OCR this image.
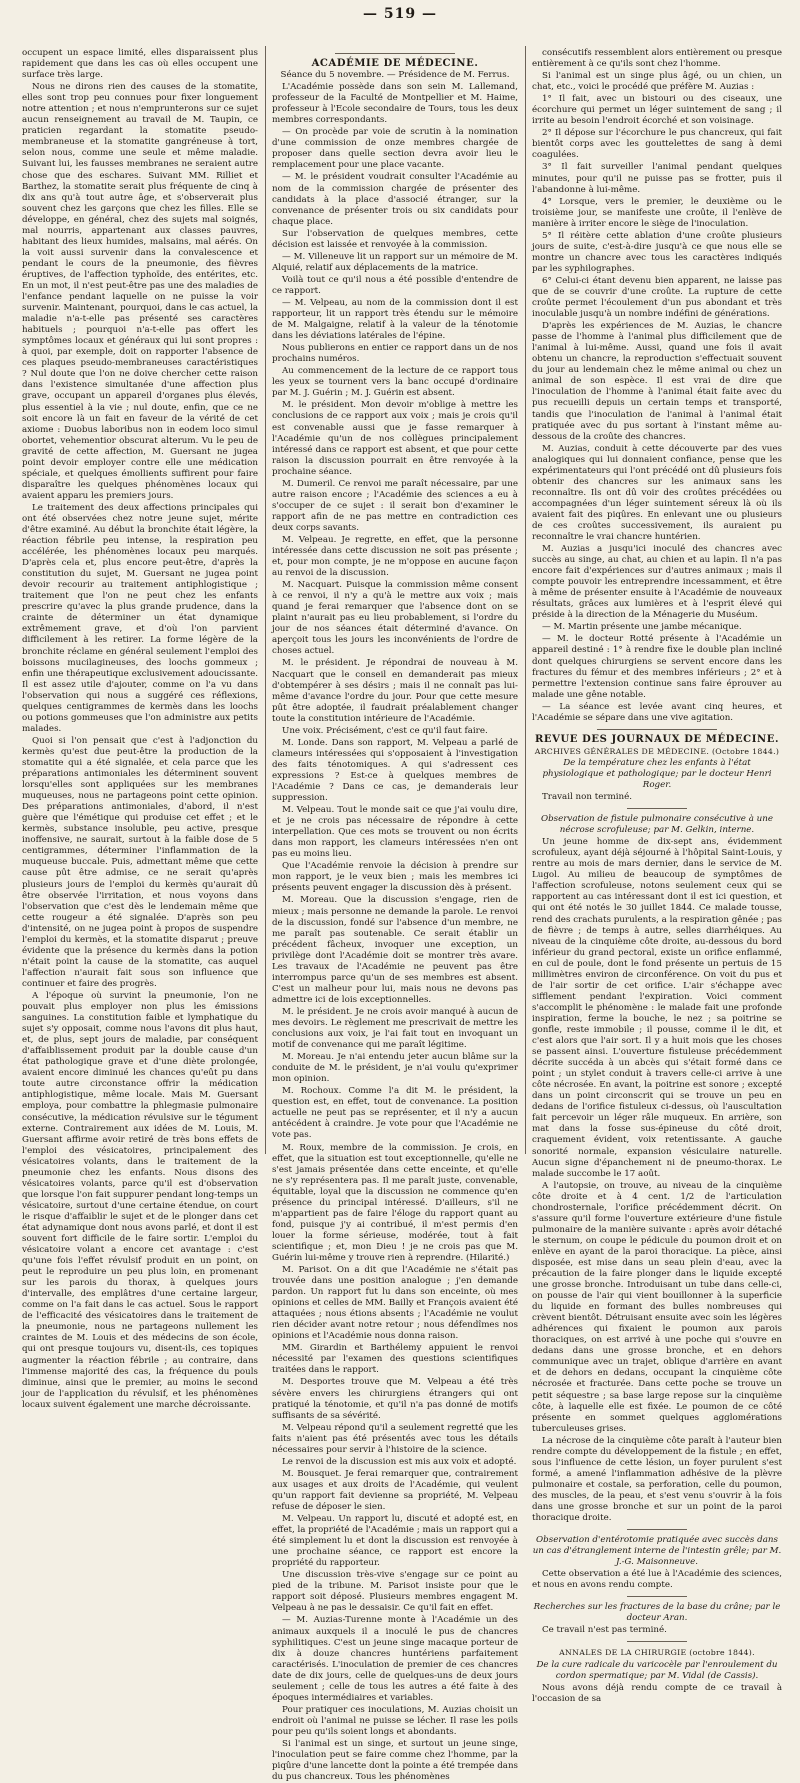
— 519 —

occupent un espace limité, elles disparaissent plus rapidement que dans les cas où elles occupent une surface très large.

Nous ne dirons rien des causes de la stomatite, elles sont trop peu connues pour fixer longuement notre attention ; et nous n'emprunterons sur ce sujet aucun renseignement au travail de M. Taupin, ce praticien regardant la stomatite pseudo-membraneuse et la stomatite gangréneuse à tort, selon nous, comme une seule et même maladie. Suivant lui, les fausses membranes ne seraient autre chose que des eschares. Suivant MM. Rilliet et Barthez, la stomatite serait plus fréquente de cinq à dix ans qu'à tout autre âge, et s'observerait plus souvent chez les garçons que chez les filles. Elle se développe, en général, chez des sujets mal soignés, mal nourris, appartenant aux classes pauvres, habitant des lieux humides, malsains, mal aérés. On la voit aussi survenir dans la convalescence et pendant le cours de la pneumonie, des fièvres éruptives, de l'affection typhoïde, des entérites, etc. En un mot, il n'est peut-être pas une des maladies de l'enfance pendant laquelle on ne puisse la voir survenir. Maintenant, pourquoi, dans le cas actuel, la maladie n'a-t-elle pas présenté ses caractères habituels ; pourquoi n'a-t-elle pas offert les symptômes locaux et généraux qui lui sont propres : à quoi, par exemple, doit on rapporter l'absence de ces plaques pseudo-membraneuses caractéristiques ? Nul doute que l'on ne doive chercher cette raison dans l'existence simultanée d'une affection plus grave, occupant un appareil d'organes plus élevés, plus essentiel à la vie ; nul doute, enfin, que ce ne soit encore là un fait en faveur de la vérité de cet axiome : Duobus laboribus non in eodem loco simul obortet, vehementior obscurat alterum. Vu le peu de gravité de cette affection, M. Guersant ne jugea point devoir employer contre elle une médication spéciale, et quelques émollients suffirent pour faire disparaître les quelques phénomènes locaux qui avaient apparu les premiers jours.

Le traitement des deux affections principales qui ont été observées chez notre jeune sujet, mérite d'être examiné. Au début la bronchite était légère, la réaction fébrile peu intense, la respiration peu accélérée, les phénomènes locaux peu marqués. D'après cela et, plus encore peut-être, d'après la constitution du sujet, M. Guersant ne jugea point devoir recourir au traitement antiphlogistique ; traitement que l'on ne peut chez les enfants prescrire qu'avec la plus grande prudence, dans la crainte de déterminer un état dynamique extrêmement grave, et d'où l'on parvient difficilement à les retirer. La forme légère de la bronchite réclame en général seulement l'emploi des boissons mucilagineuses, des loochs gommeux ; enfin une thérapeutique exclusivement adoucissante. Il est assez utile d'ajouter, comme on l'a vu dans l'observation qui nous a suggéré ces réflexions, quelques centigrammes de kermès dans les loochs ou potions gommeuses que l'on administre aux petits malades.

Quoi si l'on pensait que c'est à l'adjonction du kermès qu'est due peut-être la production de la stomatite qui a été signalée, et cela parce que les préparations antimoniales les déterminent souvent lorsqu'elles sont appliquées sur les membranes muqueuses, nous ne partageons point cette opinion. Des préparations antimoniales, d'abord, il n'est guère que l'émétique qui produise cet effet ; et le kermès, substance insoluble, peu active, presque inoffensive, ne saurait, surtout à la faible dose de 5 centigrammes, déterminer l'inflammation de la muqueuse buccale. Puis, admettant même que cette cause pût être admise, ce ne serait qu'après plusieurs jours de l'emploi du kermès qu'aurait dû être observée l'irritation, et nous voyons dans l'observation que c'est dès le lendemain même que cette rougeur a été signalée. D'après son peu d'intensité, on ne jugea point à propos de suspendre l'emploi du kermès, et la stomatite disparut ; preuve évidente que la présence du kermès dans la potion n'était point la cause de la stomatite, cas auquel l'affection n'aurait fait sous son influence que continuer et faire des progrès.

A l'époque où survint la pneumonie, l'on ne pouvait plus employer non plus les émissions sanguines. La constitution faible et lymphatique du sujet s'y opposait, comme nous l'avons dit plus haut, et, de plus, sept jours de maladie, par conséquent d'affaiblissement produit par la double cause d'un état pathologique grave et d'une diète prolongée, avaient encore diminué les chances qu'eût pu dans toute autre circonstance offrir la médication antiphlogistique, même locale. Mais M. Guersant employa, pour combattre la phlegmasie pulmonaire consécutive, la médication révulsive sur le tégument externe. Contrairement aux idées de M. Louis, M. Guersant affirme avoir retiré de très bons effets de l'emploi des vésicatoires, principalement des vésicatoires volants, dans le traitement de la pneumonie chez les enfants. Nous disons des vésicatoires volants, parce qu'il est d'observation que lorsque l'on fait suppurer pendant long-temps un vésicatoire, surtout d'une certaine étendue, on court le risque d'affaiblir le sujet et de le plonger dans cet état adynamique dont nous avons parlé, et dont il est souvent fort difficile de le faire sortir. L'emploi du vésicatoire volant a encore cet avantage : c'est qu'une fois l'effet révulsif produit en un point, on peut le reproduire un peu plus loin, en promenant sur les parois du thorax, à quelques jours d'intervalle, des emplâtres d'une certaine largeur, comme on l'a fait dans le cas actuel. Sous le rapport de l'efficacité des vésicatoires dans le traitement de la pneumonie, nous ne partageons nullement les craintes de M. Louis et des médecins de son école, qui ont presque toujours vu, disent-ils, ces topiques augmenter la réaction fébrile ; au contraire, dans l'immense majorité des cas, la fréquence du pouls diminue, ainsi que le premier, au moins le second jour de l'application du révulsif, et les phénomènes locaux suivent également une marche décroissante.

ACADÉMIE DE MÉDECINE.

Séance du 5 novembre. — Présidence de M. Ferrus.

L'Académie possède dans son sein M. Lallemand, professeur de la Faculté de Montpellier et M. Haime, professeur à l'Ecole secondaire de Tours, tous les deux membres correspondants.

— On procède par voie de scrutin à la nomination d'une commission de onze membres chargée de proposer dans quelle section devra avoir lieu le remplacement pour une place vacante.

— M. le président voudrait consulter l'Académie au nom de la commission chargée de présenter des candidats à la place d'associé étranger, sur la convenance de présenter trois ou six candidats pour chaque place.

Sur l'observation de quelques membres, cette décision est laissée et renvoyée à la commission.

— M. Villeneuve lit un rapport sur un mémoire de M. Alquié, relatif aux déplacements de la matrice.

Voilà tout ce qu'il nous a été possible d'entendre de ce rapport.

— M. Velpeau, au nom de la commission dont il est rapporteur, lit un rapport très étendu sur le mémoire de M. Malgaigne, relatif à la valeur de la ténotomie dans les déviations latérales de l'épine.

Nous publierons en entier ce rapport dans un de nos prochains numéros.

Au commencement de la lecture de ce rapport tous les yeux se tournent vers la banc occupé d'ordinaire par M. J. Guérin ; M. J. Guérin est absent.

M. le président. Mon devoir m'oblige à mettre les conclusions de ce rapport aux voix ; mais je crois qu'il est convenable aussi que je fasse remarquer à l'Académie qu'un de nos collègues principalement intéressé dans ce rapport est absent, et que pour cette raison la discussion pourrait en être renvoyée à la prochaine séance.

M. Dumeril. Ce renvoi me paraît nécessaire, par une autre raison encore ; l'Académie des sciences a eu à s'occuper de ce sujet : il serait bon d'examiner le rapport afin de ne pas mettre en contradiction ces deux corps savants.

M. Velpeau. Je regrette, en effet, que la personne intéressée dans cette discussion ne soit pas présente ; et, pour mon compte, je ne m'oppose en aucune façon au renvoi de la discussion.

M. Nacquart. Puisque la commission même consent à ce renvoi, il n'y a qu'à le mettre aux voix ; mais quand je ferai remarquer que l'absence dont on se plaint n'aurait pas eu lieu probablement, si l'ordre du jour de nos séances était déterminé d'avance. On aperçoit tous les jours les inconvénients de l'ordre de choses actuel.

M. le président. Je répondrai de nouveau à M. Nacquart que le conseil en demanderait pas mieux d'obtempérer à ses désirs ; mais il ne connaît pas lui-même d'avance l'ordre du jour. Pour que cette mesure pût être adoptée, il faudrait préalablement changer toute la constitution intérieure de l'Académie.

Une voix. Précisément, c'est ce qu'il faut faire.

M. Londe. Dans son rapport, M. Velpeau a parlé de clameurs intéressées qui s'opposaient à l'investigation des faits ténotomiques. A qui s'adressent ces expressions ? Est-ce à quelques membres de l'Académie ? Dans ce cas, je demanderais leur suppression.

M. Velpeau. Tout le monde sait ce que j'ai voulu dire, et je ne crois pas nécessaire de répondre à cette interpellation. Que ces mots se trouvent ou non écrits dans mon rapport, les clameurs intéressées n'en ont pas eu moins lieu.

Que l'Académie renvoie la décision à prendre sur mon rapport, je le veux bien ; mais les membres ici présents peuvent engager la discussion dès à présent.

M. Moreau. Que la discussion s'engage, rien de mieux ; mais personne ne demande la parole. Le renvoi de la discussion, fondé sur l'absence d'un membre, ne me paraît pas soutenable. Ce serait établir un précédent fâcheux, invoquer une exception, un privilège dont l'Académie doit se montrer très avare. Les travaux de l'Académie ne peuvent pas être interrompus parce qu'un de ses membres est absent. C'est un malheur pour lui, mais nous ne devons pas admettre ici de lois exceptionnelles.

M. le président. Je ne crois avoir manqué à aucun de mes devoirs. Le règlement me prescrivait de mettre les conclusions aux voix, je l'ai fait tout en invoquant un motif de convenance qui me paraît légitime.

M. Moreau. Je n'ai entendu jeter aucun blâme sur la conduite de M. le président, je n'ai voulu qu'exprimer mon opinion.

M. Rochoux. Comme l'a dit M. le président, la question est, en effet, tout de convenance. La position actuelle ne peut pas se représenter, et il n'y a aucun antécédent à craindre. Je vote pour que l'Académie ne vote pas.

M. Roux, membre de la commission. Je crois, en effet, que la situation est tout exceptionnelle, qu'elle ne s'est jamais présentée dans cette enceinte, et qu'elle ne s'y représentera pas. Il me paraît juste, convenable, équitable, loyal que la discussion ne commence qu'en présence du principal intéressé. D'ailleurs, s'il ne m'appartient pas de faire l'éloge du rapport quant au fond, puisque j'y ai contribué, il m'est permis d'en louer la forme sérieuse, modérée, tout à fait scientifique ; et, mon Dieu ! je ne crois pas que M. Guérin lui-même y trouve rien à reprendre. (Hilarité.)

M. Parisot. On a dit que l'Académie ne s'était pas trouvée dans une position analogue ; j'en demande pardon. Un rapport fut lu dans son enceinte, où mes opinions et celles de MM. Bailly et François avaient été attaquées ; nous étions absents ; l'Académie ne voulut rien décider avant notre retour ; nous défendîmes nos opinions et l'Académie nous donna raison.

MM. Girardin et Barthélemy appuient le renvoi nécessité par l'examen des questions scientifiques traitées dans le rapport.

M. Desportes trouve que M. Velpeau a été très sévère envers les chirurgiens étrangers qui ont pratiqué la ténotomie, et qu'il n'a pas donné de motifs suffisants de sa sévérité.

M. Velpeau répond qu'il a seulement regretté que les faits n'aient pas été présentés avec tous les détails nécessaires pour servir à l'histoire de la science.

Le renvoi de la discussion est mis aux voix et adopté.

M. Bousquet. Je ferai remarquer que, contrairement aux usages et aux droits de l'Académie, qui veulent qu'un rapport fait devienne sa propriété, M. Velpeau refuse de déposer le sien.

M. Velpeau. Un rapport lu, discuté et adopté est, en effet, la propriété de l'Académie ; mais un rapport qui a été simplement lu et dont la discussion est renvoyée à une prochaine séance, ce rapport est encore la propriété du rapporteur.

Une discussion très-vive s'engage sur ce point au pied de la tribune. M. Parisot insiste pour que le rapport soit déposé. Plusieurs membres engagent M. Velpeau à ne pas le dessaisir. Ce qu'il fait en effet.

— M. Auzias-Turenne monte à l'Académie un des animaux auxquels il a inoculé le pus de chancres syphilitiques. C'est un jeune singe macaque porteur de dix à douze chancres huntériens parfaitement caractérisés. L'inoculation de premier de ces chancres date de dix jours, celle de quelques-uns de deux jours seulement ; celle de tous les autres a été faite à des époques intermédiaires et variables.

Pour pratiquer ces inoculations, M. Auzias choisit un endroit où l'animal ne puisse se lécher. Il rase les poils pour peu qu'ils soient longs et abondants.

Si l'animal est un singe, et surtout un jeune singe, l'inoculation peut se faire comme chez l'homme, par la piqûre d'une lancette dont la pointe a été trempée dans du pus chancreux. Tous les phénomènes

consécutifs ressemblent alors entièrement ou presque entièrement à ce qu'ils sont chez l'homme.

Si l'animal est un singe plus âgé, ou un chien, un chat, etc., voici le procédé que préfère M. Auzias :

1° Il fait, avec un bistouri ou des ciseaux, une écorchure qui permet un léger suintement de sang ; il irrite au besoin l'endroit écorché et son voisinage.

2° Il dépose sur l'écorchure le pus chancreux, qui fait bientôt corps avec les gouttelettes de sang à demi coagulées.

3° Il fait surveiller l'animal pendant quelques minutes, pour qu'il ne puisse pas se frotter, puis il l'abandonne à lui-même.

4° Lorsque, vers le premier, le deuxième ou le troisième jour, se manifeste une croûte, il l'enlève de manière à irriter encore le siège de l'inoculation.

5° Il réitère cette ablation d'une croûte plusieurs jours de suite, c'est-à-dire jusqu'à ce que nous elle se montre un chancre avec tous les caractères indiqués par les syphilographes.

6° Celui-ci étant devenu bien apparent, ne laisse pas que de se couvrir d'une croûte. La rupture de cette croûte permet l'écoulement d'un pus abondant et très inoculable jusqu'à un nombre indéfini de générations.

D'après les expériences de M. Auzias, le chancre passe de l'homme à l'animal plus difficilement que de l'animal à lui-même. Aussi, quand une fois il avait obtenu un chancre, la reproduction s'effectuait souvent du jour au lendemain chez le même animal ou chez un animal de son espèce. Il est vrai de dire que l'inoculation de l'homme à l'animal était faite avec du pus recueilli depuis un certain temps et transporté, tandis que l'inoculation de l'animal à l'animal était pratiquée avec du pus sortant à l'instant même au-dessous de la croûte des chancres.

M. Auzias, conduit à cette découverte par des vues analogiques qui lui donnaient confiance, pense que les expérimentateurs qui l'ont précédé ont dû plusieurs fois obtenir des chancres sur les animaux sans les reconnaître. Ils ont dû voir des croûtes précédées ou accompagnées d'un léger suintement séreux là où ils avaient fait des piqûres. En enlevant une ou plusieurs de ces croûtes successivement, ils auraient pu reconnaître le vrai chancre huntérien.

M. Auzias a jusqu'ici inoculé des chancres avec succès au singe, au chat, au chien et au lapin. Il n'a pas encore fait d'expériences sur d'autres animaux ; mais il compte pouvoir les entreprendre incessamment, et être à même de présenter ensuite à l'Académie de nouveaux résultats, grâces aux lumières et à l'esprit élevé qui préside à la direction de la Ménagerie du Muséum.

— M. Martin présente une jambe mécanique.

— M. le docteur Rotté présente à l'Académie un appareil destiné : 1° à rendre fixe le double plan incliné dont quelques chirurgiens se servent encore dans les fractures du fémur et des membres inférieurs ; 2° et à permettre l'extension continue sans faire éprouver au malade une gêne notable.

— La séance est levée avant cinq heures, et l'Académie se sépare dans une vive agitation.

REVUE DES JOURNAUX DE MÉDECINE.

ARCHIVES GÉNÉRALES DE MÉDECINE. (Octobre 1844.)

De la température chez les enfants à l'état physiologique et pathologique; par le docteur Henri Roger.

Travail non terminé.

Observation de fistule pulmonaire consécutive à une nécrose scrofuleuse; par M. Gelkin, interne.

Un jeune homme de dix-sept ans, évidemment scrofuleux, ayant déjà séjourné à l'hôpital Saint-Louis, y rentre au mois de mars dernier, dans le service de M. Lugol. Au milieu de beaucoup de symptômes de l'affection scrofuleuse, notons seulement ceux qui se rapportent au cas intéressant dont il est ici question, et qui ont été notés le 30 juillet 1844. Ce malade tousse, rend des crachats purulents, a la respiration gênée ; pas de fièvre ; de temps à autre, selles diarrhéiques. Au niveau de la cinquième côte droite, au-dessous du bord inférieur du grand pectoral, existe un orifice enflammé, en cul de poule, dont le fond présente un pertuis de 15 millimètres environ de circonférence. On voit du pus et de l'air sortir de cet orifice. L'air s'échappe avec sifflement pendant l'expiration. Voici comment s'accomplit le phénomène : le malade fait une profonde inspiration, ferme la bouche, le nez ; sa poitrine se gonfle, reste immobile ; il pousse, comme il le dit, et c'est alors que l'air sort. Il y a huit mois que les choses se passent ainsi. L'ouverture fistuleuse précédemment décrite succéda à un abcès qui s'était formé dans ce point ; un stylet conduit à travers celle-ci arrive à une côte nécrosée. En avant, la poitrine est sonore ; excepté dans un point circonscrit qui se trouve un peu en dedans de l'orifice fistuleux ci-dessus, où l'auscultation fait percevoir un léger râle muqueux. En arrière, son mat dans la fosse sus-épineuse du côté droit, craquement évident, voix retentissante. A gauche sonorité normale, expansion vésiculaire naturelle. Aucun signe d'épanchement ni de pneumo-thorax. Le malade succombe le 17 août.

A l'autopsie, on trouve, au niveau de la cinquième côte droite et à 4 cent. 1/2 de l'articulation chondrosternale, l'orifice précédemment décrit. On s'assure qu'il forme l'ouverture extérieure d'une fistule pulmonaire de la manière suivante : après avoir détaché le sternum, on coupe le pédicule du poumon droit et on enlève en ayant de la paroi thoracique. La pièce, ainsi disposée, est mise dans un seau plein d'eau, avec la précaution de la faire plonger dans le liquide excepté une grosse bronche. Introduisant un tube dans celle-ci, on pousse de l'air qui vient bouillonner à la superficie du liquide en formant des bulles nombreuses qui crèvent bientôt. Détruisant ensuite avec soin les légères adhérences qui fixaient le poumon aux parois thoraciques, on est arrivé à une poche qui s'ouvre en dedans dans une grosse bronche, et en dehors communique avec un trajet, oblique d'arrière en avant et de dehors en dedans, occupant la cinquième côte nécrosée et fracturée. Dans cette poche se trouve un petit séquestre ; sa base large repose sur la cinquième côte, à laquelle elle est fixée. Le poumon de ce côté présente en sommet quelques agglomérations tuberculeuses grises.

La nécrose de la cinquième côte paraît à l'auteur bien rendre compte du développement de la fistule ; en effet, sous l'influence de cette lésion, un foyer purulent s'est formé, a amené l'inflammation adhésive de la plèvre pulmonaire et costale, sa perforation, celle du poumon, des muscles, de la peau, et s'est venu s'ouvrir à la fois dans une grosse bronche et sur un point de la paroi thoracique droite.

Observation d'entérotomie pratiquée avec succès dans un cas d'étranglement interne de l'intestin grêle; par M. J.-G. Maisonneuve.

Cette observation a été lue à l'Académie des sciences, et nous en avons rendu compte.

Recherches sur les fractures de la base du crâne; par le docteur Aran.

Ce travail n'est pas terminé.

ANNALES DE LA CHIRURGIE (octobre 1844).

De la cure radicale du varicocèle par l'enroulement du cordon spermatique; par M. Vidal (de Cassis).

Nous avons déjà rendu compte de ce travail à l'occasion de sa
